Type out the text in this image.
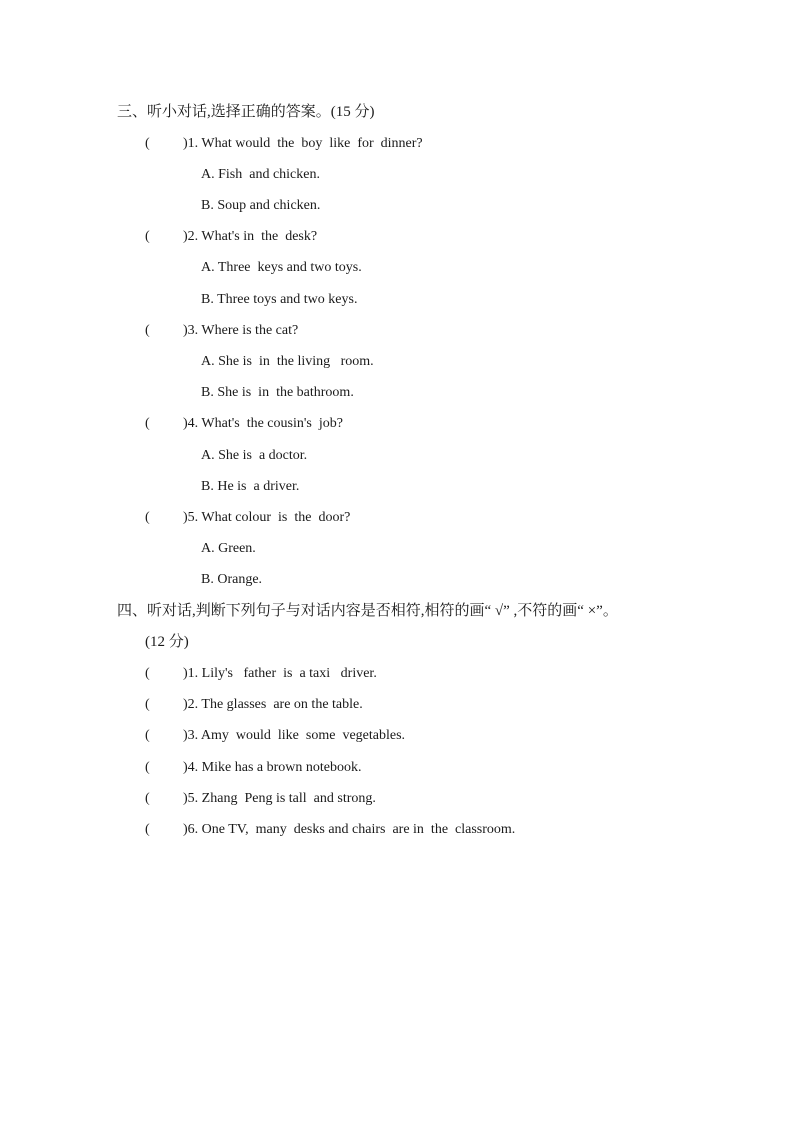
三、听小对话,选择正确的答案。(15 分)
(	) 1. What would  the  boy  like  for  dinner?
A. Fish  and chicken.
B. Soup and chicken.
(	) 2. What's in  the  desk?
A. Three  keys and two toys.
B. Three toys and two keys.
(	) 3. Where is the cat?
A. She is  in  the living   room.
B. She is  in  the bathroom.
(	) 4. What's  the cousin's  job?
A. She is  a doctor.
B. He is  a driver.
(	) 5. What colour  is  the  door?
A. Green.
B. Orange.
四、听对话,判断下列句子与对话内容是否相符,相符的画“ √” ,不符的画“ ×”。
(12 分)
(	) 1. Lily's   father  is  a taxi   driver.
(	) 2. The glasses  are on the table.
(	) 3. Amy  would  like  some  vegetables.
(	) 4. Mike has a brown notebook.
(	) 5. Zhang  Peng is tall  and strong.
(	) 6. One TV,  many  desks and chairs  are in  the  classroom.
